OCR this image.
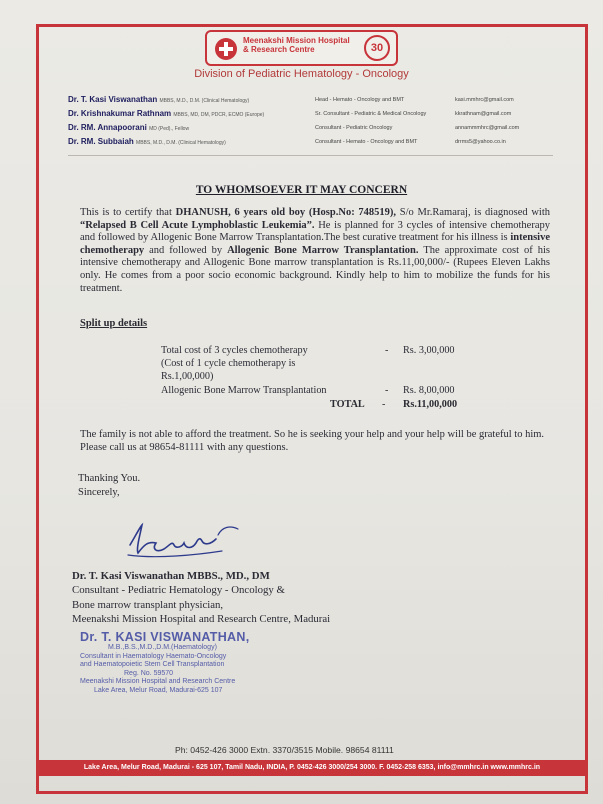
Meenakshi Mission Hospital
& Research Centre	30
Division of Pediatric Hematology - Oncology
Dr. T. Kasi Viswanathan MBBS, M.D., D.M. (Clinical Hematology)	Head - Hemato - Oncology and BMT	kasi.mmhrc@gmail.com
Dr. Krishnakumar Rathnam MBBS, MD, DM, PDCR, ECMO (Europe)	Sr. Consultant - Pediatric & Medical Oncology	kkrathnam@gmail.com
Dr. RM. Annapoorani MD (Ped)., Fellow	Consultant - Pediatric Oncology	annammmhrc@gmail.com
Dr. RM. Subbaiah MBBS, M.D., D.M. (Clinical Hematology)	Consultant - Hemato - Oncology and BMT	drrms5@yahoo.co.in
TO WHOMSOEVER IT MAY CONCERN
This is to certify that DHANUSH, 6 years old boy (Hosp.No: 748519), S/o Mr.Ramaraj, is diagnosed with “Relapsed B Cell Acute Lymphoblastic Leukemia”. He is planned for 3 cycles of intensive chemotherapy and followed by Allogenic Bone Marrow Transplantation.The best curative treatment for his illness is intensive chemotherapy and followed by Allogenic Bone Marrow Transplantation. The approximate cost of his intensive chemotherapy and Allogenic Bone marrow transplantation is Rs.11,00,000/- (Rupees Eleven Lakhs only. He comes from a poor socio economic background. Kindly help to him to mobilize the funds for his treatment.
Split up details
Total cost of 3 cycles chemotherapy	- Rs. 3,00,000
(Cost of 1 cycle chemotherapy is
Rs.1,00,000)
Allogenic Bone Marrow Transplantation	- Rs. 8,00,000
TOTAL - Rs.11,00,000
The family is not able to afford the treatment. So he is seeking your help and your help will be grateful to him. Please call us at 98654-81111 with any questions.
Thanking You.
Sincerely,
Dr. T. Kasi Viswanathan MBBS., MD., DM
Consultant - Pediatric Hematology - Oncology &
Bone marrow transplant physician,
Meenakshi Mission Hospital and Research Centre, Madurai
Dr. T. KASI VISWANATHAN,
M.B.,B.S.,M.D.,D.M.(Haematology)
Consultant in Haematology Haemato-Oncology
and Haematopoietic Stem Cell Transplantation
Reg. No. 59570
Meenakshi Mission Hospital and Research Centre
Lake Area, Melur Road, Madurai-625 107
Ph: 0452-426 3000 Extn. 3370/3515 Mobile. 98654 81111
Lake Area, Melur Road, Madurai - 625 107, Tamil Nadu, INDIA, P. 0452-426 3000/254 3000. F. 0452-258 6353, info@mmhrc.in www.mmhrc.in
